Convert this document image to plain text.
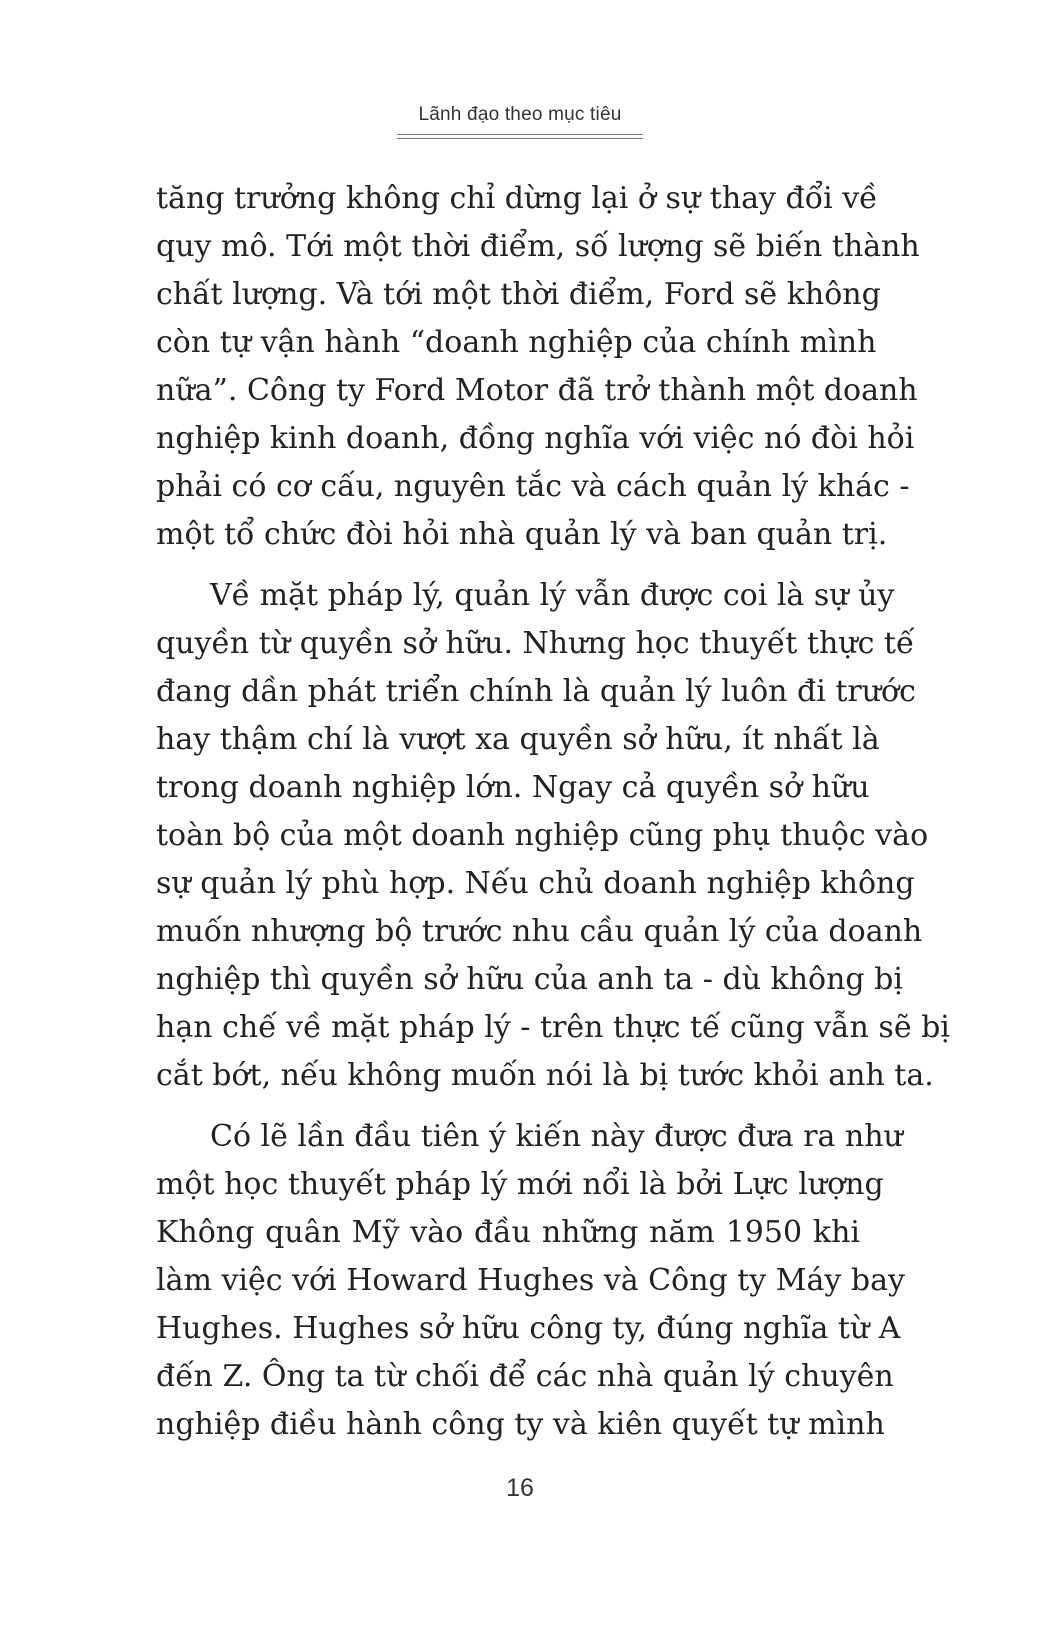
Lãnh đạo theo mục tiêu
tăng trưởng không chỉ dừng lại ở sự thay đổi về
quy mô. Tới một thời điểm, số lượng sẽ biến thành
chất lượng. Và tới một thời điểm, Ford sẽ không
còn tự vận hành “doanh nghiệp của chính mình
nữa”. Công ty Ford Motor đã trở thành một doanh
nghiệp kinh doanh, đồng nghĩa với việc nó đòi hỏi
phải có cơ cấu, nguyên tắc và cách quản lý khác -
một tổ chức đòi hỏi nhà quản lý và ban quản trị.
Về mặt pháp lý, quản lý vẫn được coi là sự ủy
quyền từ quyền sở hữu. Nhưng học thuyết thực tế
đang dần phát triển chính là quản lý luôn đi trước
hay thậm chí là vượt xa quyền sở hữu, ít nhất là
trong doanh nghiệp lớn. Ngay cả quyền sở hữu
toàn bộ của một doanh nghiệp cũng phụ thuộc vào
sự quản lý phù hợp. Nếu chủ doanh nghiệp không
muốn nhượng bộ trước nhu cầu quản lý của doanh
nghiệp thì quyền sở hữu của anh ta - dù không bị
hạn chế về mặt pháp lý - trên thực tế cũng vẫn sẽ bị
cắt bớt, nếu không muốn nói là bị tước khỏi anh ta.
Có lẽ lần đầu tiên ý kiến này được đưa ra như
một học thuyết pháp lý mới nổi là bởi Lực lượng
Không quân Mỹ vào đầu những năm 1950 khi
làm việc với Howard Hughes và Công ty Máy bay
Hughes. Hughes sở hữu công ty, đúng nghĩa từ A
đến Z. Ông ta từ chối để các nhà quản lý chuyên
nghiệp điều hành công ty và kiên quyết tự mình
16
